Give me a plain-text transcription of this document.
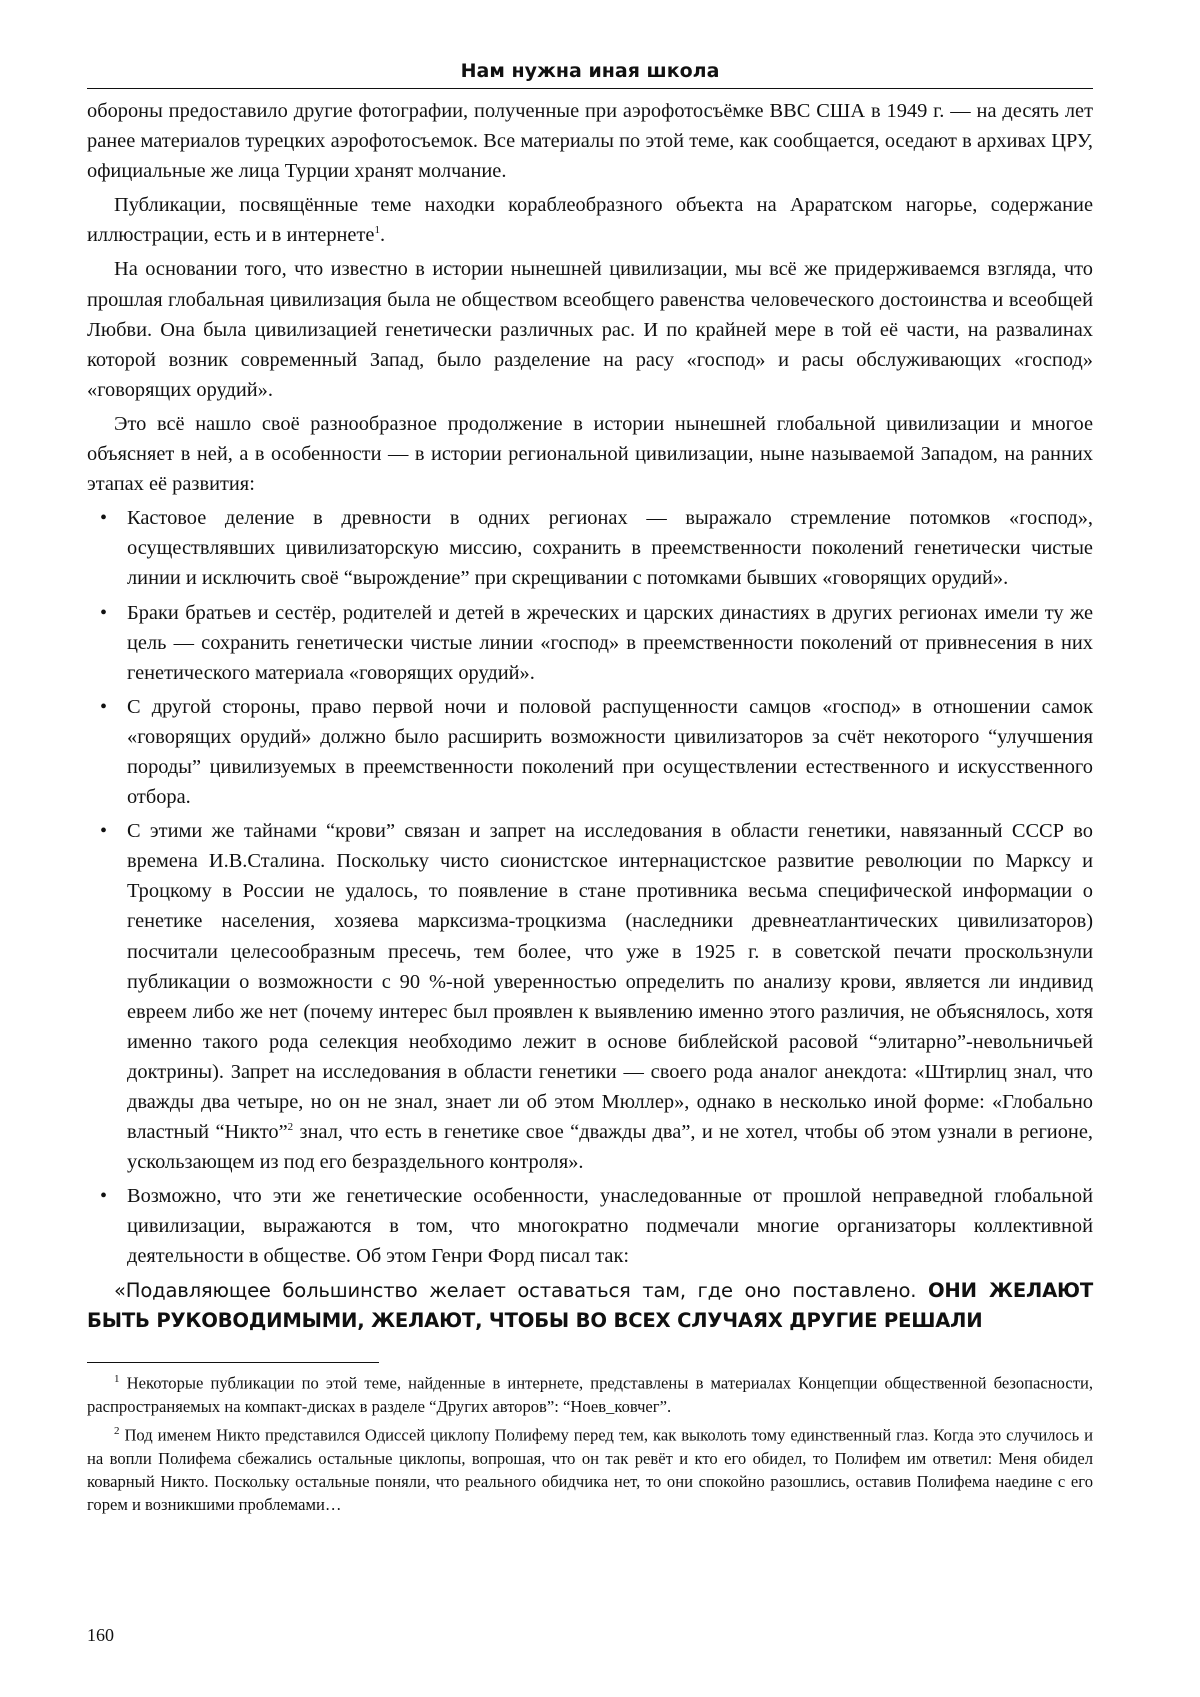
Нам нужна иная школа

обороны предоставило другие фотографии, полученные при аэрофотосъёмке ВВС США в 1949 г. — на десять лет ранее материалов турецких аэрофотосъемок. Все материалы по этой теме, как сообщается, оседают в архивах ЦРУ, официальные же лица Турции хранят молчание.

Публикации, посвящённые теме находки кораблеобразного объекта на Араратском нагорье, содержание иллюстрации, есть и в интернете$^1$.

На основании того, что известно в истории нынешней цивилизации, мы всё же придерживаемся взгляда, что прошлая глобальная цивилизация была не обществом всеобщего равенства человеческого достоинства и всеобщей Любви. Она была цивилизацией генетически различных рас. И по крайней мере в той её части, на развалинах которой возник современный Запад, было разделение на расу «господ» и расы обслуживающих «господ» «говорящих орудий».

Это всё нашло своё разнообразное продолжение в истории нынешней глобальной цивилизации и многое объясняет в ней, а в особенности — в истории региональной цивилизации, ныне называемой Западом, на ранних этапах её развития:

• Кастовое деление в древности в одних регионах — выражало стремление потомков «господ», осуществлявших цивилизаторскую миссию, сохранить в преемственности поколений генетически чистые линии и исключить своё “вырождение” при скрещивании с потомками бывших «говорящих орудий».
• Браки братьев и сестёр, родителей и детей в жреческих и царских династиях в других регионах имели ту же цель — сохранить генетически чистые линии «господ» в преемственности поколений от привнесения в них генетического материала «говорящих орудий».
• С другой стороны, право первой ночи и половой распущенности самцов «господ» в отношении самок «говорящих орудий» должно было расширить возможности цивилизаторов за счёт некоторого “улучшения породы” цивилизуемых в преемственности поколений при осуществлении естественного и искусственного отбора.
• С этими же тайнами “крови” связан и запрет на исследования в области генетики, навязанный СССР во времена И.В.Сталина. Поскольку чисто сионистское интернацистское развитие революции по Марксу и Троцкому в России не удалось, то появление в стане противника весьма специфической информации о генетике населения, хозяева марксизма-троцкизма (наследники древнеатлантических цивилизаторов) посчитали целесообразным пресечь, тем более, что уже в 1925 г. в советской печати проскользнули публикации о возможности с 90 %-ной уверенностью определить по анализу крови, является ли индивид евреем либо же нет (почему интерес был проявлен к выявлению именно этого различия, не объяснялось, хотя именно такого рода селекция необходимо лежит в основе библейской расовой “элитарно”-невольничьей доктрины). Запрет на исследования в области генетики — своего рода аналог анекдота: «Штирлиц знал, что дважды два четыре, но он не знал, знает ли об этом Мюллер», однако в несколько иной форме: «Глобально властный “Никто”$^2$ знал, что есть в генетике свое “дважды два”, и не хотел, чтобы об этом узнали в регионе, ускользающем из под его безраздельного контроля».
• Возможно, что эти же генетические особенности, унаследованные от прошлой неправедной глобальной цивилизации, выражаются в том, что многократно подмечали многие организаторы коллективной деятельности в обществе. Об этом Генри Форд писал так:

«Подавляющее большинство желает оставаться там, где оно поставлено. ОНИ ЖЕЛАЮТ БЫТЬ РУКОВОДИМЫМИ, ЖЕЛАЮТ, ЧТОБЫ ВО ВСЕХ СЛУЧАЯХ ДРУГИЕ РЕШАЛИ

$^1$ Некоторые публикации по этой теме, найденные в интернете, представлены в материалах Концепции общественной безопасности, распространяемых на компакт-дисках в разделе “Других авторов”: “Ноев_ковчег”.

$^2$ Под именем Никто представился Одиссей циклопу Полифему перед тем, как выколоть тому единственный глаз. Когда это случилось и на вопли Полифема сбежались остальные циклопы, вопрошая, что он так ревёт и кто его обидел, то Полифем им ответил: Меня обидел коварный Никто. Поскольку остальные поняли, что реального обидчика нет, то они спокойно разошлись, оставив Полифема наедине с его горем и возникшими проблемами…

160
